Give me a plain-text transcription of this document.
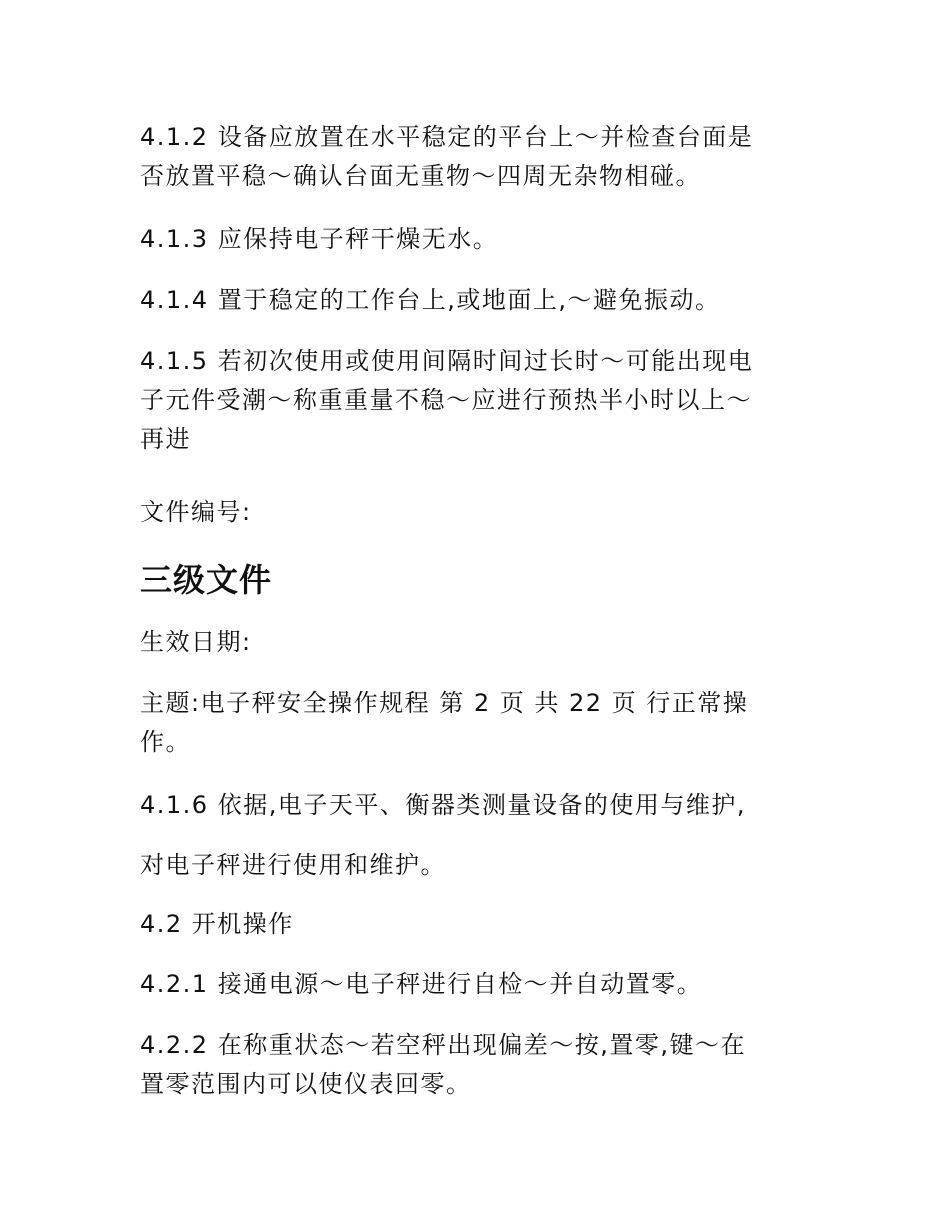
4.1.2 设备应放置在水平稳定的平台上～并检查台面是
否放置平稳～确认台面无重物～四周无杂物相碰。

4.1.3 应保持电子秤干燥无水。

4.1.4 置于稳定的工作台上,或地面上,～避免振动。

4.1.5 若初次使用或使用间隔时间过长时～可能出现电
子元件受潮～称重重量不稳～应进行预热半小时以上～
再进

文件编号:

三级文件

生效日期:

主题:电子秤安全操作规程 第 2 页 共 22 页 行正常操
作。

4.1.6 依据,电子天平、衡器类测量设备的使用与维护,

对电子秤进行使用和维护。

4.2 开机操作

4.2.1 接通电源～电子秤进行自检～并自动置零。

4.2.2 在称重状态～若空秤出现偏差～按,置零,键～在
置零范围内可以使仪表回零。
